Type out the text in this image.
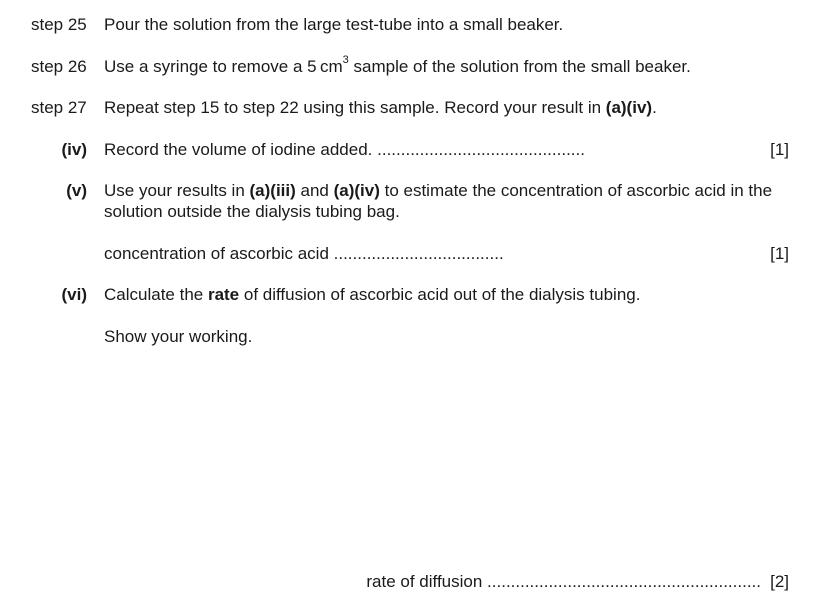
step 25 Pour the solution from the large test-tube into a small beaker.
step 26 Use a syringe to remove a 5 $cm^3$ sample of the solution from the small beaker.
step 27 Repeat step 15 to step 22 using this sample. Record your result in (a)(iv).
(iv) Record the volume of iodine added. ............................................	[1]
(v) Use your results in (a)(iii) and (a)(iv) to estimate the concentration of ascorbic acid in the
solution outside the dialysis tubing bag.
concentration of ascorbic acid ....................................	[1]
(vi) Calculate the rate of diffusion of ascorbic acid out of the dialysis tubing.
Show your working.
rate of diffusion .......................................................... [2]
